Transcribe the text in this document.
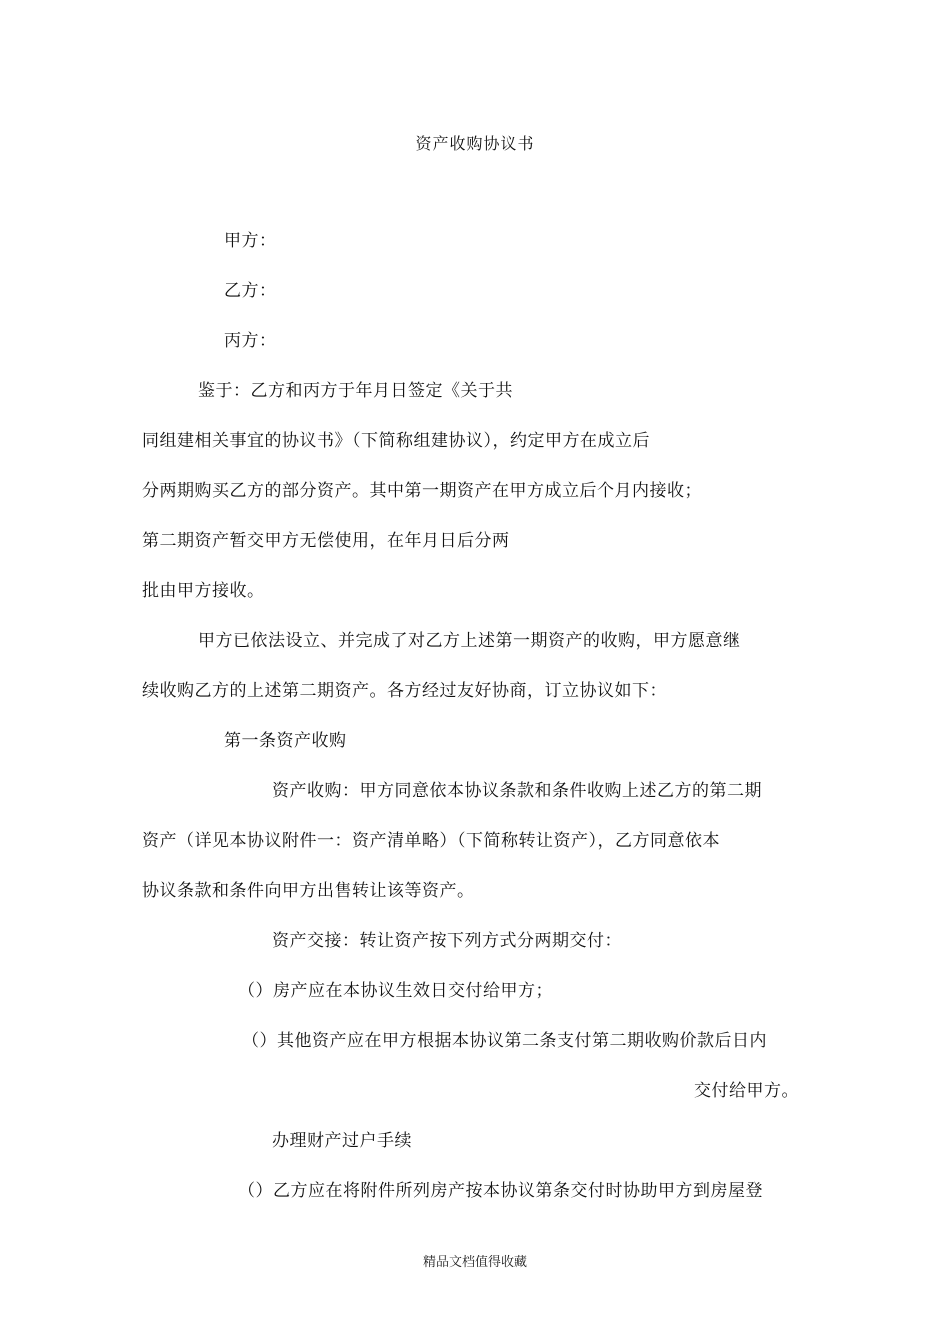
资产收购协议书
甲方：
乙方：
丙方：
鉴于：乙方和丙方于年月日签定《关于共
同组建相关事宜的协议书》（下简称组建协议），约定甲方在成立后
分两期购买乙方的部分资产。其中第一期资产在甲方成立后个月内接收；
第二期资产暂交甲方无偿使用，在年月日后分两
批由甲方接收。
甲方已依法设立、并完成了对乙方上述第一期资产的收购，甲方愿意继
续收购乙方的上述第二期资产。各方经过友好协商，订立协议如下：
第一条资产收购
资产收购：甲方同意依本协议条款和条件收购上述乙方的第二期
资产（详见本协议附件一：资产清单略）（下简称转让资产），乙方同意依本
协议条款和条件向甲方出售转让该等资产。
资产交接：转让资产按下列方式分两期交付：
（）房产应在本协议生效日交付给甲方；
（）其他资产应在甲方根据本协议第二条支付第二期收购价款后日内
交付给甲方。
办理财产过户手续
（）乙方应在将附件所列房产按本协议第条交付时协助甲方到房屋登
精品文档值得收藏
